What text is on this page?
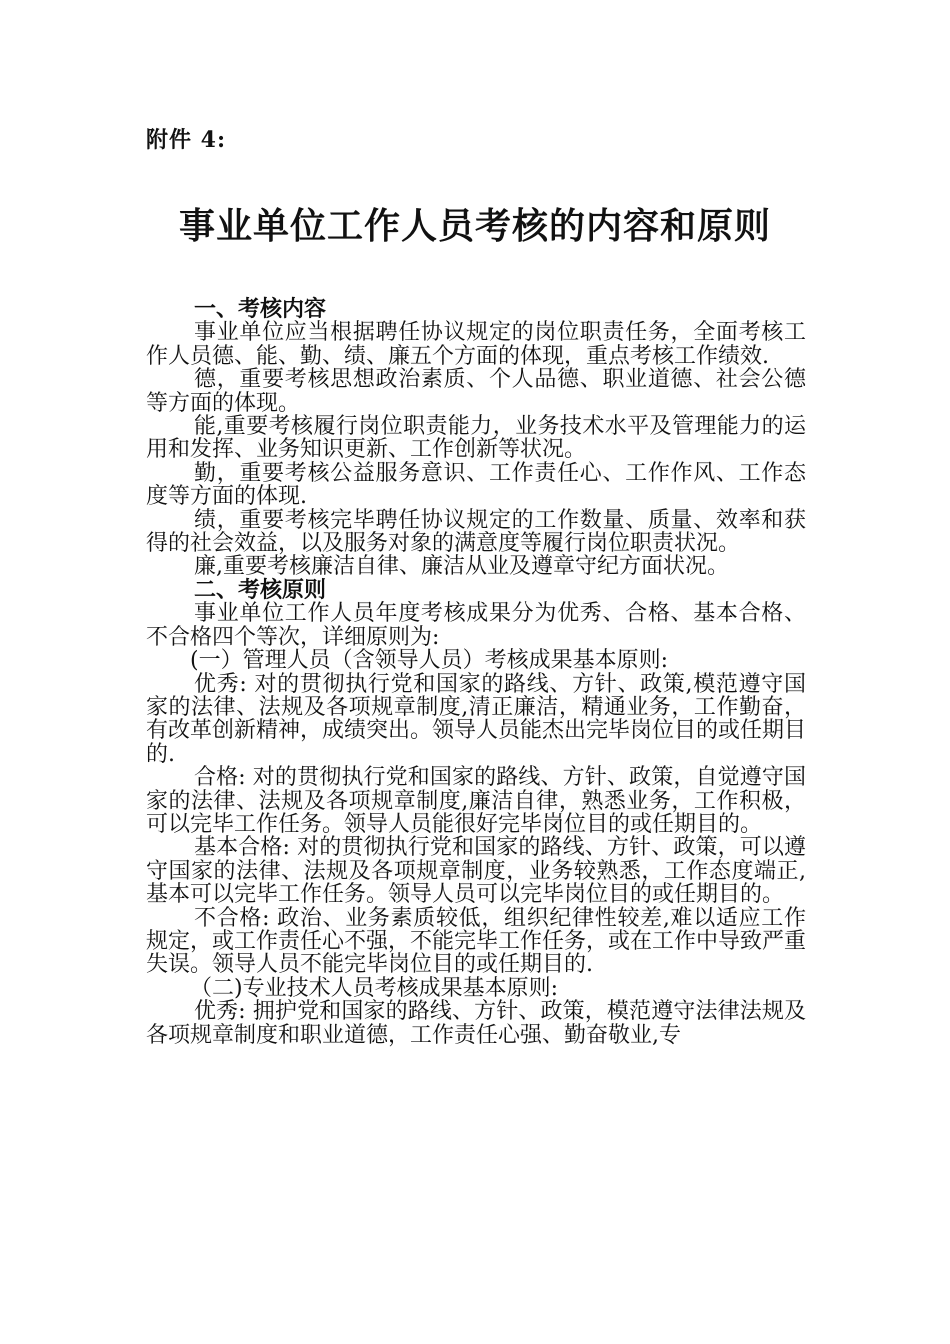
附件 4:
事业单位工作人员考核的内容和原则

一、考核内容

事业单位应当根据聘任协议规定的岗位职责任务，全面考核工作人员德、能、勤、绩、廉五个方面的体现，重点考核工作绩效.

德，重要考核思想政治素质、个人品德、职业道德、社会公德等方面的体现。

能,重要考核履行岗位职责能力，业务技术水平及管理能力的运用和发挥、业务知识更新、工作创新等状况。

勤，重要考核公益服务意识、工作责任心、工作作风、工作态度等方面的体现.

绩，重要考核完毕聘任协议规定的工作数量、质量、效率和获得的社会效益，以及服务对象的满意度等履行岗位职责状况。

廉,重要考核廉洁自律、廉洁从业及遵章守纪方面状况。

二、考核原则

事业单位工作人员年度考核成果分为优秀、合格、基本合格、不合格四个等次，详细原则为:

(一）管理人员（含领导人员）考核成果基本原则:

优秀: 对的贯彻执行党和国家的路线、方针、政策,模范遵守国家的法律、法规及各项规章制度,清正廉洁，精通业务，工作勤奋，有改革创新精神，成绩突出。领导人员能杰出完毕岗位目的或任期目的.

合格: 对的贯彻执行党和国家的路线、方针、政策，自觉遵守国家的法律、法规及各项规章制度,廉洁自律，熟悉业务，工作积极，可以完毕工作任务。领导人员能很好完毕岗位目的或任期目的。

基本合格: 对的贯彻执行党和国家的路线、方针、政策，可以遵守国家的法律、法规及各项规章制度，业务较熟悉，工作态度端正,基本可以完毕工作任务。领导人员可以完毕岗位目的或任期目的。

不合格: 政治、业务素质较低，组织纪律性较差,难以适应工作规定，或工作责任心不强，不能完毕工作任务，或在工作中导致严重失误。领导人员不能完毕岗位目的或任期目的.

（二)专业技术人员考核成果基本原则:

优秀: 拥护党和国家的路线、方针、政策，模范遵守法律法规及各项规章制度和职业道德，工作责任心强、勤奋敬业,专
